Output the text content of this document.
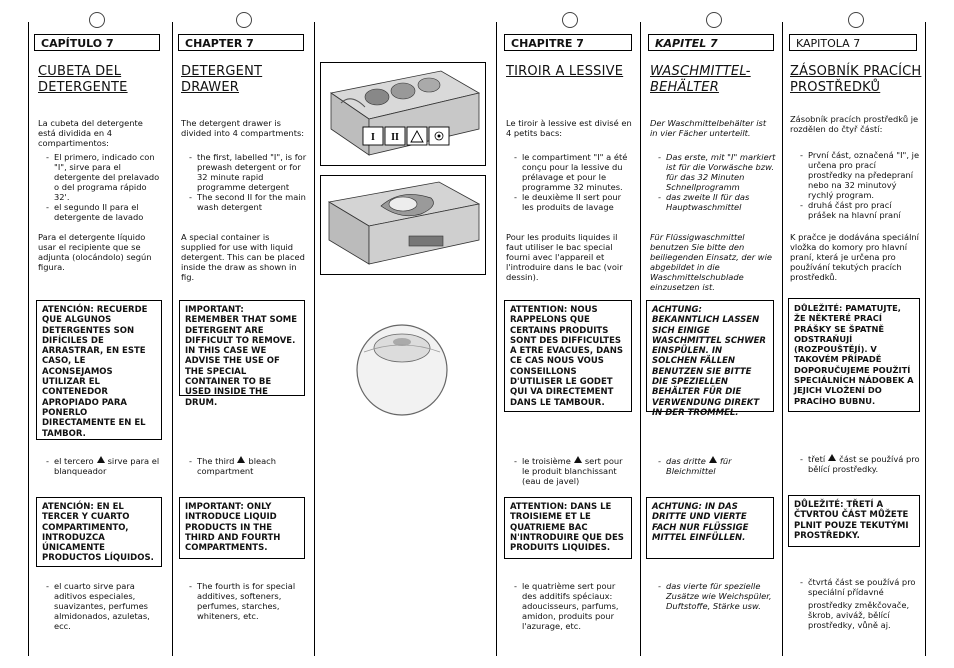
CAPÍTULO 7
CUBETA DEL DETERGENTE
La cubeta del detergente está dividida en 4 compartimentos:
- El primero, indicado con "I", sirve para el detergente del prelavado o del programa rápido 32'.
- el segundo II para el detergente de lavado
Para el detergente líquido usar el recipiente que se adjunta (olocándolo) según figura.
ATENCIÓN: RECUERDE QUE ALGUNOS DETERGENTES SON DIFÍCILES DE ARRASTRAR, EN ESTE CASO, LE ACONSEJAMOS UTILIZAR EL CONTENEDOR APROPIADO PARA PONERLO DIRECTAMENTE EN EL TAMBOR.
- el tercero sirve para el blanqueador
ATENCIÓN: EN EL TERCER Y CUARTO COMPARTIMENTO, INTRODUZCA ÚNICAMENTE PRODUCTOS LÍQUIDOS.
- el cuarto sirve para aditivos especiales, suavizantes, perfumes almidonados, azuletas, ecc.
CHAPTER 7
DETERGENT DRAWER
The detergent drawer is divided into 4 compartments:
- the first, labelled "I", is for prewash detergent or for 32 minute rapid programme detergent
- The second II for the main wash detergent
A special container is supplied for use with liquid detergent. This can be placed inside the draw as shown in fig.
IMPORTANT: REMEMBER THAT SOME DETERGENT ARE DIFFICULT TO REMOVE. IN THIS CASE WE ADVISE THE USE OF THE SPECIAL CONTAINER TO BE USED INSIDE THE DRUM.
- The third bleach compartment
IMPORTANT: ONLY INTRODUCE LIQUID PRODUCTS IN THE THIRD AND FOURTH COMPARTMENTS.
- The fourth is for special additives, softeners, perfumes, starches, whiteners, etc.
I II
CHAPITRE 7
TIROIR A LESSIVE
Le tiroir à lessive est divisé en 4 petits bacs:
- le compartiment "I" a été conçu pour la lessive du prélavage et pour le programme 32 minutes.
- le deuxième II sert pour les produits de lavage
Pour les produits liquides il faut utiliser le bac special fourni avec l'appareil et l'introduire dans le bac (voir dessin).
ATTENTION: NOUS RAPPELONS QUE CERTAINS PRODUITS SONT DES DIFFICULTES A ETRE EVACUES, DANS CE CAS NOUS VOUS CONSEILLONS D'UTILISER LE GODET QUI VA DIRECTEMENT DANS LE TAMBOUR.
- le troisième sert pour le produit blanchissant (eau de javel)
ATTENTION: DANS LE TROISIEME ET LE QUATRIEME BAC N'INTRODUIRE QUE DES PRODUITS LIQUIDES.
- le quatrième sert pour des additifs spéciaux: adoucisseurs, parfums, amidon, produits pour l'azurage, etc.
KAPITEL 7
WASCHMITTEL-BEHÄLTER
Der Waschmittelbehälter ist in vier Fächer unterteilt.
- Das erste, mit "I" markiert ist für die Vorwäsche bzw. für das 32 Minuten Schnellprogramm
- das zweite II für das Hauptwaschmittel
Für Flüssigwaschmittel benutzen Sie bitte den beiliegenden Einsatz, der wie abgebildet in die Waschmittelschublade einzusetzen ist.
ACHTUNG: BEKANNTLICH LASSEN SICH EINIGE WASCHMITTEL SCHWER EINSPÜLEN. IN SOLCHEN FÄLLEN BENUTZEN SIE BITTE DIE SPEZIELLEN BEHÄLTER FÜR DIE VERWENDUNG DIREKT IN DER TROMMEL.
- das dritte für Bleichmittel
ACHTUNG: IN DAS DRITTE UND VIERTE FACH NUR FLÜSSIGE MITTEL EINFÜLLEN.
- das vierte für spezielle Zusätze wie Weichspüler, Duftstoffe, Stärke usw.
KAPITOLA 7
ZÁSOBNÍK PRACÍCH PROSTŘEDKŮ
Zásobník pracích prostředků je rozdělen do čtyř částí:
- První část, označená "I", je určena pro prací prostředky na předepraní nebo na 32 minutový rychlý program.
- druhá část pro prací prášek na hlavní praní
K pračce je dodávána speciální vložka do komory pro hlavní praní, která je určena pro používání tekutých pracích prostředků.
DŮLEŽITÉ: PAMATUJTE, ŽE NĚKTERÉ PRACÍ PRÁŠKY SE ŠPATNĚ ODSTRAŇUJÍ (ROZPOUŠTĚJÍ). V TAKOVÉM PŘÍPADĚ DOPORUČUJEME POUŽITÍ SPECIÁLNÍCH NÁDOBEK A JEJICH VLOŽENÍ DO PRACÍHO BUBNU.
- třetí část se používá pro bělící prostředky.
DŮLEŽITÉ: TŘETÍ A ČTVRTOU ČÁST MŮŽETE PLNIT POUZE TEKUTÝMI PROSTŘEDKY.
- čtvrtá část se používá pro speciální přídavné
prostředky změkčovače, škrob, aviváž, bělící prostředky, vůně aj.
